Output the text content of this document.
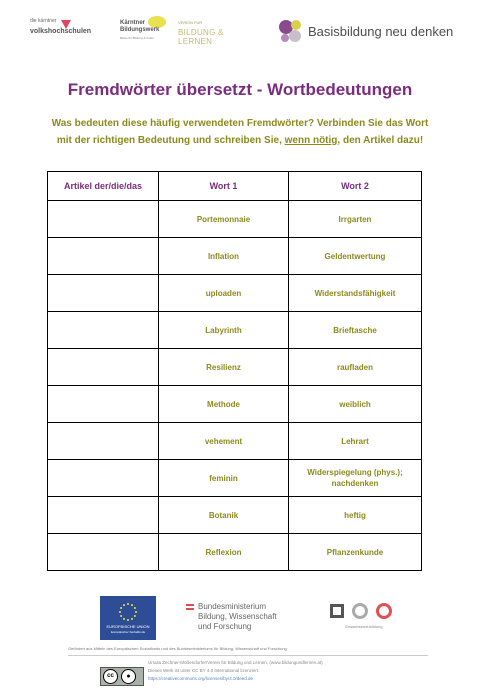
die kärntner
volkshochschulen
Kärntner
Bildungswerk
Bildet für Bildung & Kultur
VEREIN FÜR
BILDUNG & LERNEN
Basisbildung neu denken
Fremdwörter übersetzt - Wortbedeutungen
Was bedeuten diese häufig verwendeten Fremdwörter? Verbinden Sie das Wort mit der richtigen Bedeutung und schreiben Sie, wenn nötig, den Artikel dazu!
Artikel der/die/das	Wort 1	Wort 2
	Portemonnaie	Irrgarten
	Inflation	Geldentwertung
	uploaden	Widerstandsfähigkeit
	Labyrinth	Brieftasche
	Resilienz	raufladen
	Methode	weiblich
	vehement	Lehrart
	feminin	Widerspiegelung (phys.); nachdenken
	Botanik	heftig
	Reflexion	Pflanzenkunde
EUROPÄISCHE UNION
Europäischer Sozialfonds
Bundesministerium
Bildung, Wissenschaft
und Forschung	Erwachsenenbildung
Gefördert aus Mitteln des Europäischen Sozialfonds und des Bundesministeriums für Bildung, Wissenschaft und Forschung
cc	●
Ursula Zechner-Mößendorfer/Verein für Bildung und Lernen, (www.bildungundlernen.at)
Dieses Werk ist unter CC BY 4.0 International lizenziert.
https://creativecommons.org/licenses/by/4.0/deed.de
